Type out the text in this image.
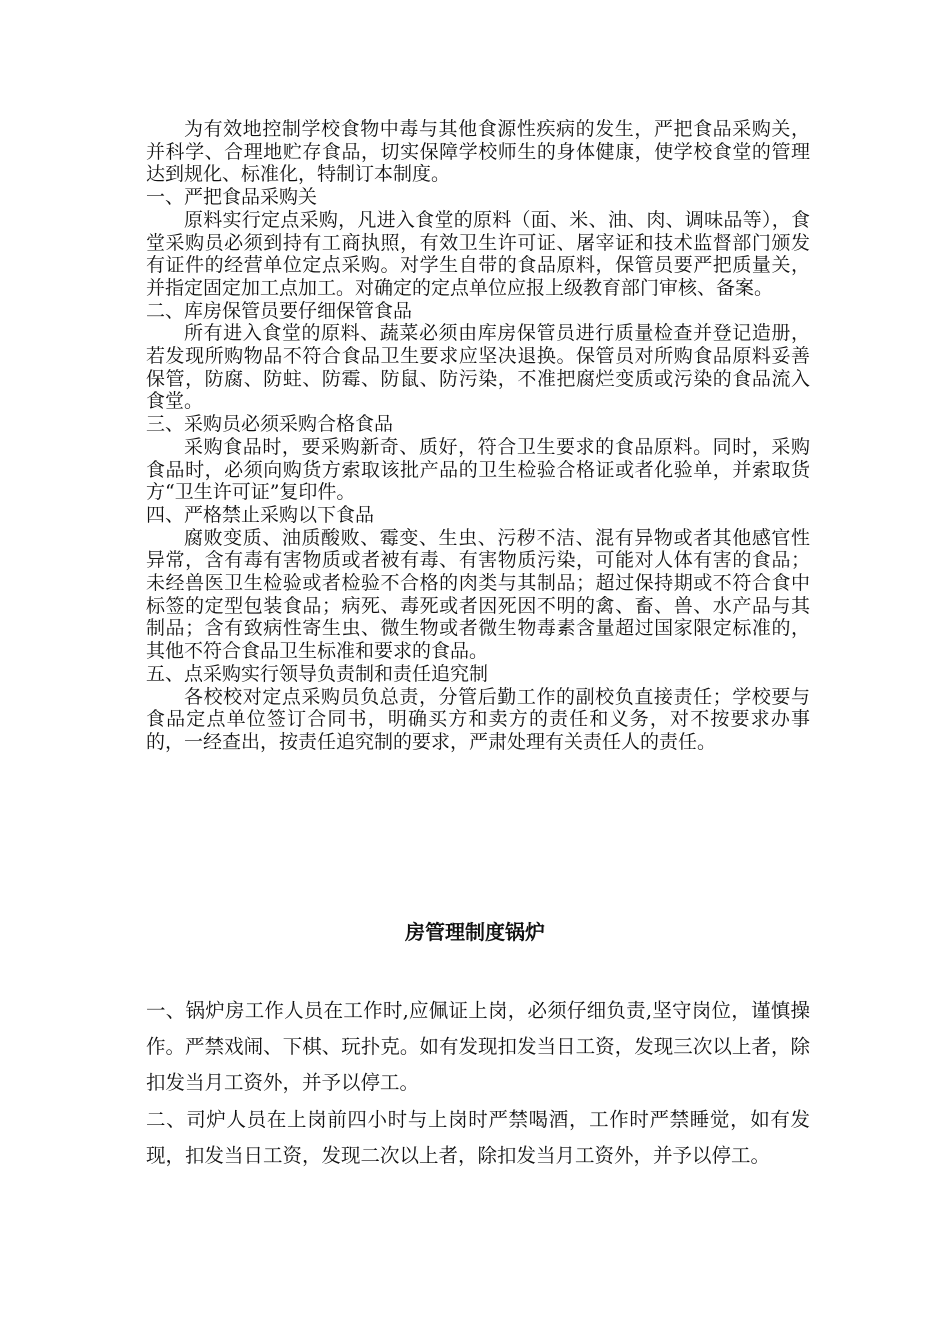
为有效地控制学校食物中毒与其他食源性疾病的发生，严把食品采购关，并科学、合理地贮存食品，切实保障学校师生的身体健康，使学校食堂的管理达到规化、标准化，特制订本制度。

一、严把食品采购关

原料实行定点采购，凡进入食堂的原料（面、米、油、肉、调味品等），食堂采购员必须到持有工商执照，有效卫生许可证、屠宰证和技术监督部门颁发有证件的经营单位定点采购。对学生自带的食品原料，保管员要严把质量关，并指定固定加工点加工。对确定的定点单位应报上级教育部门审核、备案。

二、库房保管员要仔细保管食品

所有进入食堂的原料、蔬菜必须由库房保管员进行质量检查并登记造册，若发现所购物品不符合食品卫生要求应坚决退换。保管员对所购食品原料妥善保管，防腐、防蛀、防霉、防鼠、防污染，不准把腐烂变质或污染的食品流入食堂。

三、采购员必须采购合格食品

采购食品时，要采购新奇、质好，符合卫生要求的食品原料。同时，采购食品时，必须向购货方索取该批产品的卫生检验合格证或者化验单，并索取货方“卫生许可证”复印件。

四、严格禁止采购以下食品

腐败变质、油质酸败、霉变、生虫、污秽不洁、混有异物或者其他感官性异常，含有毒有害物质或者被有毒、有害物质污染，可能对人体有害的食品；未经兽医卫生检验或者检验不合格的肉类与其制品；超过保持期或不符合食中标签的定型包装食品；病死、毒死或者因死因不明的禽、畜、兽、水产品与其制品；含有致病性寄生虫、微生物或者微生物毒素含量超过国家限定标准的，其他不符合食品卫生标准和要求的食品。

五、点采购实行领导负责制和责任追究制

各校校对定点采购员负总责，分管后勤工作的副校负直接责任；学校要与食品定点单位签订合同书，明确买方和卖方的责任和义务，对不按要求办事的，一经查出，按责任追究制的要求，严肃处理有关责任人的责任。

房管理制度锅炉

一、锅炉房工作人员在工作时,应佩证上岗，必须仔细负责,坚守岗位，谨慎操作。严禁戏闹、下棋、玩扑克。如有发现扣发当日工资，发现三次以上者，除扣发当月工资外，并予以停工。

二、司炉人员在上岗前四小时与上岗时严禁喝酒，工作时严禁睡觉，如有发现，扣发当日工资，发现二次以上者，除扣发当月工资外，并予以停工。
